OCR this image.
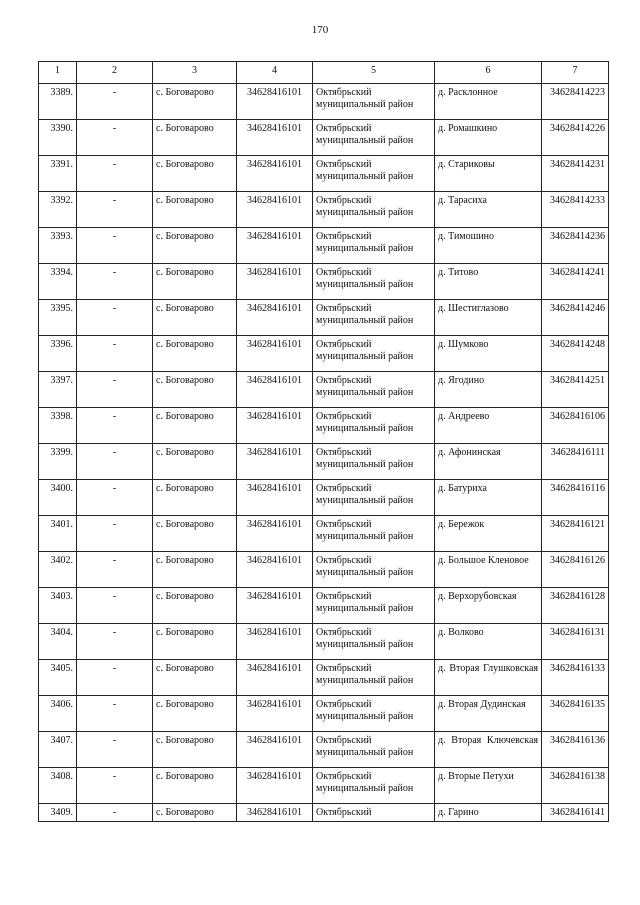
170
1	2	3	4	5	6	7
3389.	-	с. Боговарово	34628416101	Октябрьский муниципальный район	д. Расклонное	34628414223
3390.	-	с. Боговарово	34628416101	Октябрьский муниципальный район	д. Ромашкино	34628414226
3391.	-	с. Боговарово	34628416101	Октябрьский муниципальный район	д. Стариковы	34628414231
3392.	-	с. Боговарово	34628416101	Октябрьский муниципальный район	д. Тарасиха	34628414233
3393.	-	с. Боговарово	34628416101	Октябрьский муниципальный район	д. Тимошино	34628414236
3394.	-	с. Боговарово	34628416101	Октябрьский муниципальный район	д. Титово	34628414241
3395.	-	с. Боговарово	34628416101	Октябрьский муниципальный район	д. Шестиглазово	34628414246
3396.	-	с. Боговарово	34628416101	Октябрьский муниципальный район	д. Шумково	34628414248
3397.	-	с. Боговарово	34628416101	Октябрьский муниципальный район	д. Ягодино	34628414251
3398.	-	с. Боговарово	34628416101	Октябрьский муниципальный район	д. Андреево	34628416106
3399.	-	с. Боговарово	34628416101	Октябрьский муниципальный район	д. Афонинская	34628416111
3400.	-	с. Боговарово	34628416101	Октябрьский муниципальный район	д. Батуриха	34628416116
3401.	-	с. Боговарово	34628416101	Октябрьский муниципальный район	д. Бережок	34628416121
3402.	-	с. Боговарово	34628416101	Октябрьский муниципальный район	д. Большое Кленовое	34628416126
3403.	-	с. Боговарово	34628416101	Октябрьский муниципальный район	д. Верхорубовская	34628416128
3404.	-	с. Боговарово	34628416101	Октябрьский муниципальный район	д. Волково	34628416131
3405.	-	с. Боговарово	34628416101	Октябрьский муниципальный район	д. Вторая Глушковская	34628416133
3406.	-	с. Боговарово	34628416101	Октябрьский муниципальный район	д. Вторая Дудинская	34628416135
3407.	-	с. Боговарово	34628416101	Октябрьский муниципальный район	д. Вторая Ключевская	34628416136
3408.	-	с. Боговарово	34628416101	Октябрьский муниципальный район	д. Вторые Петухи	34628416138
3409.	-	с. Боговарово	34628416101	Октябрьский	д. Гарино	34628416141
